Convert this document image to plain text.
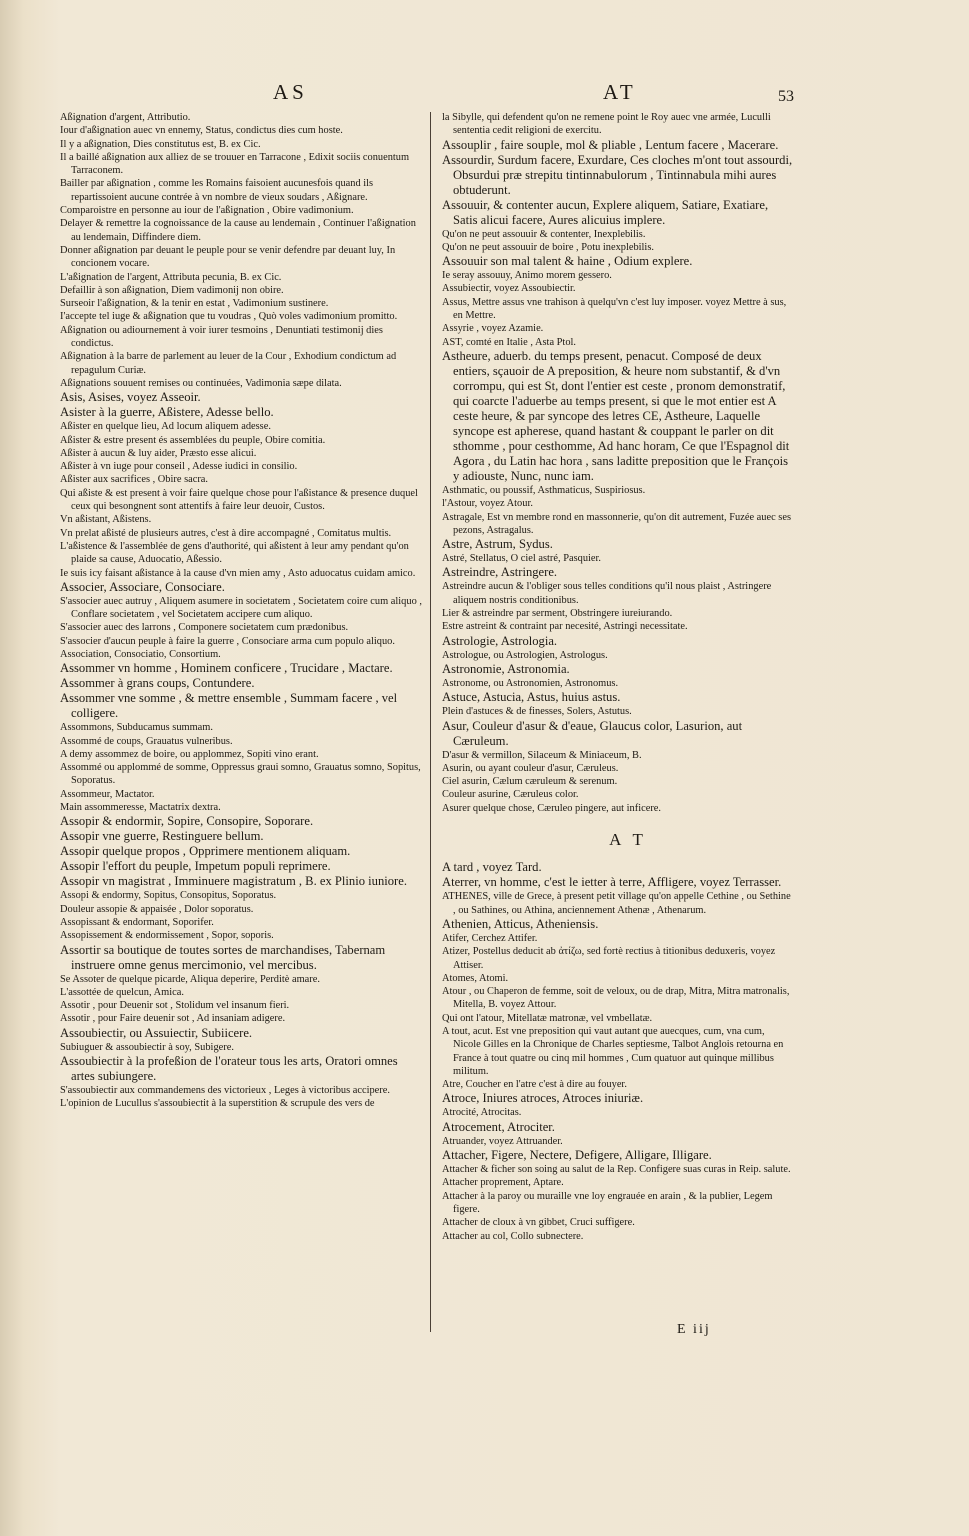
AS	AT	53

Aßignation d'argent, Attributio.

Iour d'aßignation auec vn ennemy, Status, condictus dies cum hoste.

Il y a aßignation, Dies constitutus est, B. ex Cic.

Il a baillé aßignation aux alliez de se trouuer en Tarracone , Edixit sociis conuentum Tarraconem.

Bailler par aßignation , comme les Romains faisoient aucunesfois quand ils repartissoient aucune contrée à vn nombre de vieux soudars , Aßignare.

Comparoistre en personne au iour de l'aßignation , Obire vadimonium.

Delayer & remettre la cognoissance de la cause au lendemain , Continuer l'aßignation au lendemain, Diffindere diem.

Donner aßignation par deuant le peuple pour se venir defendre par deuant luy, In concionem vocare.

L'aßignation de l'argent, Attributa pecunia, B. ex Cic.

Defaillir à son aßignation, Diem vadimonij non obire.

Surseoir l'aßignation, & la tenir en estat , Vadimonium sustinere.

I'accepte tel iuge & aßignation que tu voudras , Quò voles vadimonium promitto.

Aßignation ou adiournement à voir iurer tesmoins , Denuntiati testimonij dies condictus.

Aßignation à la barre de parlement au leuer de la Cour , Exhodium condictum ad repagulum Curiæ.

Aßignations souuent remises ou continuées, Vadimonia sæpe dilata.

Asis, Asises, voyez Asseoir.

Asister à la guerre, Aßistere, Adesse bello.

Aßister en quelque lieu, Ad locum aliquem adesse.

Aßister & estre present és assemblées du peuple, Obire comitia.

Aßister à aucun & luy aider, Præsto esse alicui.

Aßister à vn iuge pour conseil , Adesse iudici in consilio.

Aßister aux sacrifices , Obire sacra.

Qui aßiste & est present à voir faire quelque chose pour l'aßistance & presence duquel ceux qui besongnent sont attentifs à faire leur deuoir, Custos.

Vn aßistant, Aßistens.

Vn prelat aßisté de plusieurs autres, c'est à dire accompagné , Comitatus multis.

L'aßistence & l'assemblée de gens d'authorité, qui aßistent à leur amy pendant qu'on plaide sa cause, Aduocatio, Aßessio.

Ie suis icy faisant aßistance à la cause d'vn mien amy , Asto aduocatus cuidam amico.

Associer, Associare, Consociare.

S'associer auec autruy , Aliquem asumere in societatem , Societatem coire cum aliquo , Conflare societatem , vel Societatem accipere cum aliquo.

S'associer auec des larrons , Componere societatem cum prædonibus.

S'associer d'aucun peuple à faire la guerre , Consociare arma cum populo aliquo.

Association, Consociatio, Consortium.

Assommer vn homme , Hominem conficere , Trucidare , Mactare.

Assommer à grans coups, Contundere.

Assommer vne somme , & mettre ensemble , Summam facere , vel colligere.

Assommons, Subducamus summam.

Assommé de coups, Grauatus vulneribus.

A demy assommez de boire, ou applommez, Sopiti vino erant.

Assommé ou applommé de somme, Oppressus graui somno, Grauatus somno, Sopitus, Soporatus.

Assommeur, Mactator.

Main assommeresse, Mactatrix dextra.

Assopir & endormir, Sopire, Consopire, Soporare.

Assopir vne guerre, Restinguere bellum.

Assopir quelque propos , Opprimere mentionem aliquam.

Assopir l'effort du peuple, Impetum populi reprimere.

Assopir vn magistrat , Imminuere magistratum , B. ex Plinio iuniore.

Assopi & endormy, Sopitus, Consopitus, Soporatus.

Douleur assopie & appaisée , Dolor soporatus.

Assopissant & endormant, Soporifer.

Assopissement & endormissement , Sopor, soporis.

Assortir sa boutique de toutes sortes de marchandises, Tabernam instruere omne genus mercimonio, vel mercibus.

Se Assoter de quelque picarde, Aliqua deperire, Perditè amare.

L'assottée de quelcun, Amica.

Assotir , pour Deuenir sot , Stolidum vel insanum fieri.

Assotir , pour Faire deuenir sot , Ad insaniam adigere.

Assoubiectir, ou Assuiectir, Subiicere.

Subiuguer & assoubiectir à soy, Subigere.

Assoubiectir à la profeßion de l'orateur tous les arts, Oratori omnes artes subiungere.

S'assoubiectir aux commandemens des victorieux , Leges à victoribus accipere.

L'opinion de Lucullus s'assoubiectit à la superstition & scrupule des vers de

la Sibylle, qui defendent qu'on ne remene point le Roy auec vne armée, Luculli sententia cedit religioni de exercitu.

Assouplir , faire souple, mol & pliable , Lentum facere , Macerare.

Assourdir, Surdum facere, Exurdare, Ces cloches m'ont tout assourdi, Obsurdui præ strepitu tintinnabulorum , Tintinnabula mihi aures obtuderunt.

Assouuir, & contenter aucun, Explere aliquem, Satiare, Exatiare, Satis alicui facere, Aures alicuius implere.

Qu'on ne peut assouuir & contenter, Inexplebilis.

Qu'on ne peut assouuir de boire , Potu inexplebilis.

Assouuir son mal talent & haine , Odium explere.

Ie seray assouuy, Animo morem gessero.

Assubiectir, voyez Assoubiectir.

Assus, Mettre assus vne trahison à quelqu'vn c'est luy imposer. voyez Mettre à sus, en Mettre.

Assyrie , voyez Azamie.

AST, comté en Italie , Asta Ptol.

Astheure, aduerb. du temps present, penacut. Composé de deux entiers, sçauoir de A preposition, & heure nom substantif, & d'vn corrompu, qui est St, dont l'entier est ceste , pronom demonstratif, qui coarcte l'aduerbe au temps present, si que le mot entier est A ceste heure, & par syncope des letres CE, Astheure, Laquelle syncope est apherese, quand hastant & couppant le parler on dit sthomme , pour cesthomme, Ad hanc horam, Ce que l'Espagnol dit Agora , du Latin hac hora , sans laditte preposition que le François y adiouste, Nunc, nunc iam.

Asthmatic, ou poussif, Asthmaticus, Suspiriosus.

l'Astour, voyez Atour.

Astragale, Est vn membre rond en massonnerie, qu'on dit autrement, Fuzée auec ses pezons, Astragalus.

Astre, Astrum, Sydus.

Astré, Stellatus, O ciel astré, Pasquier.

Astreindre, Astringere.

Astreindre aucun & l'obliger sous telles conditions qu'il nous plaist , Astringere aliquem nostris conditionibus.

Lier & astreindre par serment, Obstringere iureiurando.

Estre astreint & contraint par necesité, Astringi necessitate.

Astrologie, Astrologia.

Astrologue, ou Astrologien, Astrologus.

Astronomie, Astronomia.

Astronome, ou Astronomien, Astronomus.

Astuce, Astucia, Astus, huius astus.

Plein d'astuces & de finesses, Solers, Astutus.

Asur, Couleur d'asur & d'eaue, Glaucus color, Lasurion, aut Cæruleum.

D'asur & vermillon, Silaceum & Miniaceum, B.

Asurin, ou ayant couleur d'asur, Cæruleus.

Ciel asurin, Cælum cæruleum & serenum.

Couleur asurine, Cæruleus color.

Asurer quelque chose, Cæruleo pingere, aut inficere.

A T

A tard , voyez Tard.

Aterrer, vn homme, c'est le ietter à terre, Affligere, voyez Terrasser.

ATHENES, ville de Grece, à present petit village qu'on appelle Cethine , ou Sethine , ou Sathines, ou Athina, anciennement Athenæ , Athenarum.

Athenien, Atticus, Atheniensis.

Atifer, Cerchez Attifer.

Atizer, Postellus deducit ab ἀτίζω, sed fortè rectius à titionibus deduxeris, voyez Attiser.

Atomes, Atomi.

Atour , ou Chaperon de femme, soit de veloux, ou de drap, Mitra, Mitra matronalis, Mitella, B. voyez Attour.

Qui ont l'atour, Mitellatæ matronæ, vel vmbellatæ.

A tout, acut. Est vne preposition qui vaut autant que auecques, cum, vna cum, Nicole Gilles en la Chronique de Charles septiesme, Talbot Anglois retourna en France à tout quatre ou cinq mil hommes , Cum quatuor aut quinque millibus militum.

Atre, Coucher en l'atre c'est à dire au fouyer.

Atroce, Iniures atroces, Atroces iniuriæ.

Atrocité, Atrocitas.

Atrocement, Atrociter.

Atruander, voyez Attruander.

Attacher, Figere, Nectere, Defigere, Alligare, Illigare.

Attacher & ficher son soing au salut de la Rep. Configere suas curas in Reip. salute.

Attacher proprement, Aptare.

Attacher à la paroy ou muraille vne loy engrauée en arain , & la publier, Legem figere.

Attacher de cloux à vn gibbet, Cruci suffigere.

Attacher au col, Collo subnectere.

E iij
